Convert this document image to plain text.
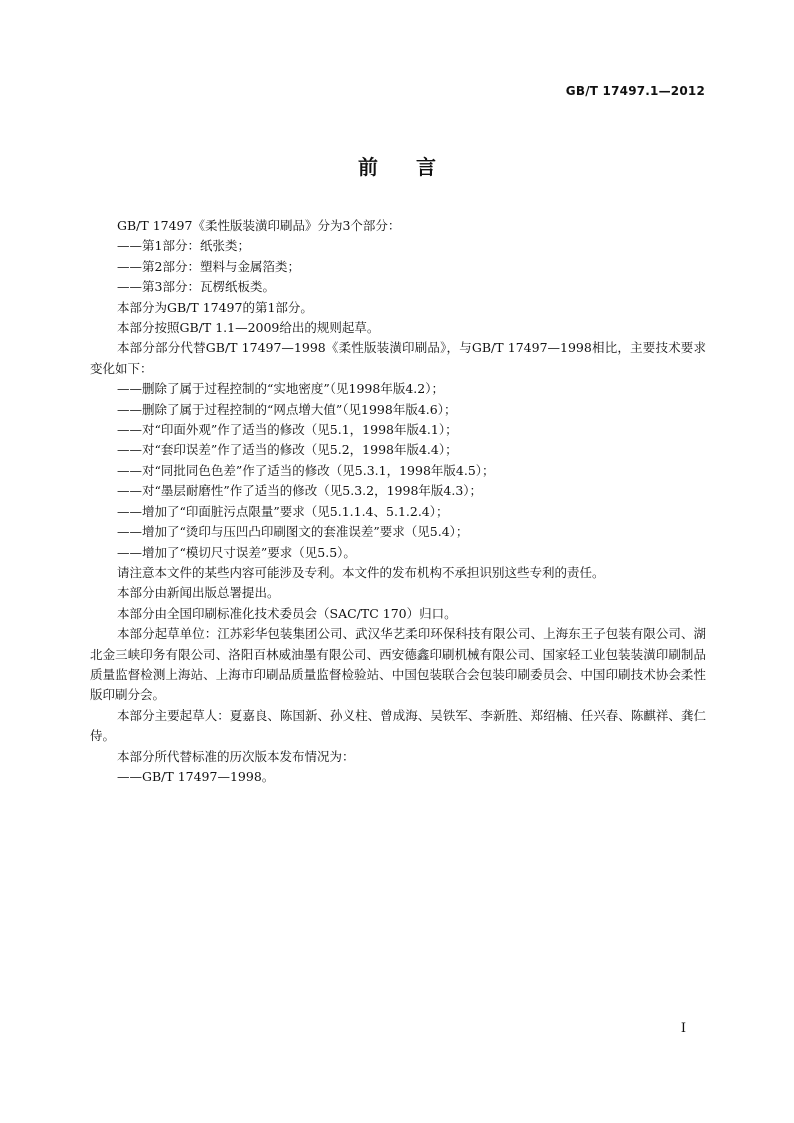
GB/T 17497.1—2012
前言

GB/T 17497《柔性版装潢印刷品》分为3个部分：

——第1部分：纸张类；

——第2部分：塑料与金属箔类；

——第3部分：瓦楞纸板类。

本部分为GB/T 17497的第1部分。

本部分按照GB/T 1.1—2009给出的规则起草。

本部分部分代替GB/T 17497—1998《柔性版装潢印刷品》，与GB/T 17497—1998相比，主要技术要求变化如下：

——删除了属于过程控制的“实地密度”（见1998年版4.2）；

——删除了属于过程控制的“网点增大值”（见1998年版4.6）；

——对“印面外观”作了适当的修改（见5.1，1998年版4.1）；

——对“套印误差”作了适当的修改（见5.2，1998年版4.4）；

——对“同批同色色差”作了适当的修改（见5.3.1，1998年版4.5）；

——对“墨层耐磨性”作了适当的修改（见5.3.2，1998年版4.3）；

——增加了“印面脏污点限量”要求（见5.1.1.4、5.1.2.4）；

——增加了“烫印与压凹凸印刷图文的套准误差”要求（见5.4）；

——增加了“模切尺寸误差”要求（见5.5）。

请注意本文件的某些内容可能涉及专利。本文件的发布机构不承担识别这些专利的责任。

本部分由新闻出版总署提出。

本部分由全国印刷标准化技术委员会（SAC/TC 170）归口。

本部分起草单位：江苏彩华包装集团公司、武汉华艺柔印环保科技有限公司、上海东王子包装有限公司、湖北金三峡印务有限公司、洛阳百林威油墨有限公司、西安德鑫印刷机械有限公司、国家轻工业包装装潢印刷制品质量监督检测上海站、上海市印刷品质量监督检验站、中国包装联合会包装印刷委员会、中国印刷技术协会柔性版印刷分会。

本部分主要起草人：夏嘉良、陈国新、孙义柱、曾成海、吴铁军、李新胜、郑绍楠、任兴春、陈麒祥、龚仁侍。

本部分所代替标准的历次版本发布情况为：

——GB/T 17497—1998。

I
